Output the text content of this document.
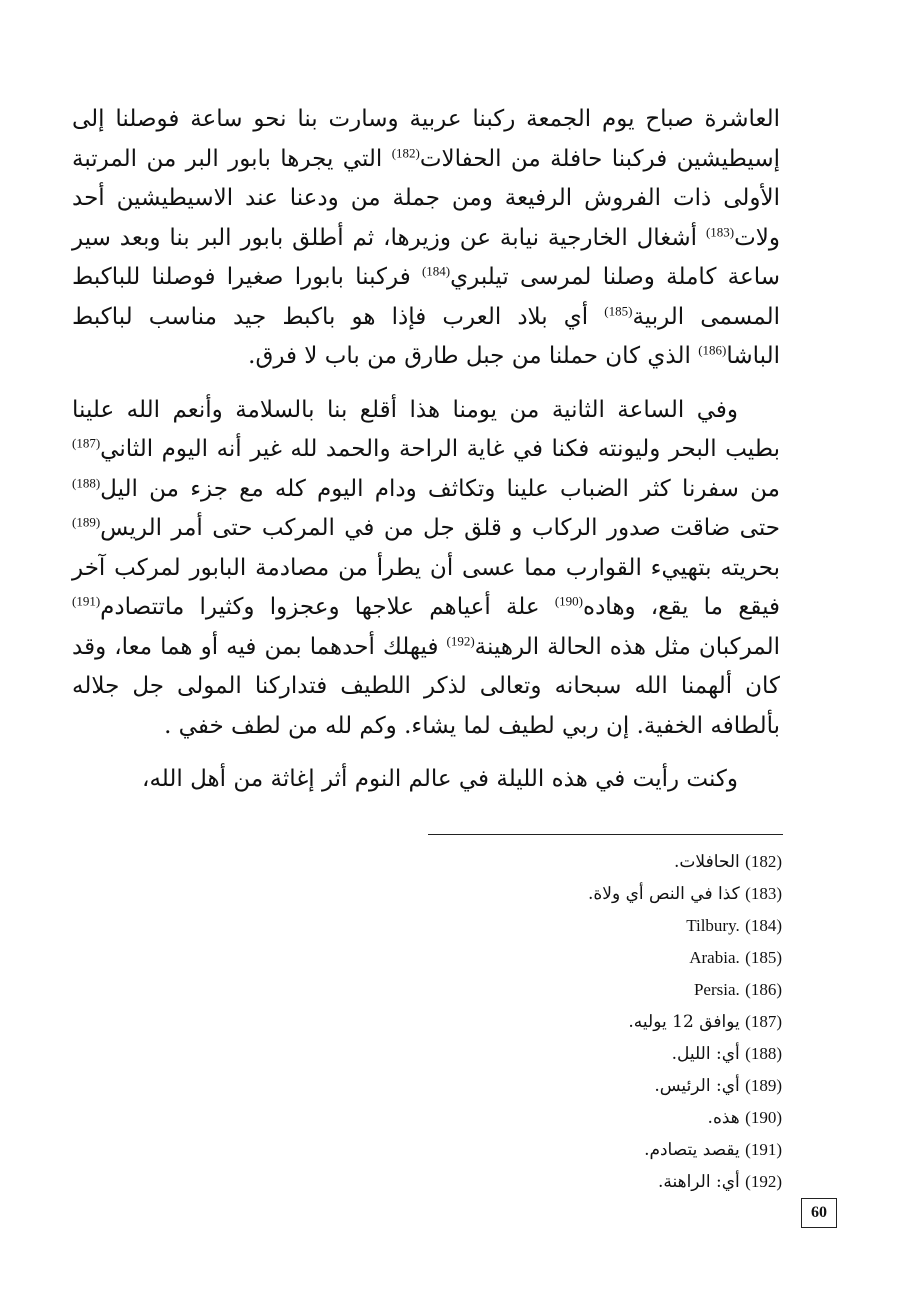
العاشرة صباح يوم الجمعة ركبنا عربية وسارت بنا نحو ساعة فوصلنا إلى إسيطيشين فركبنا حافلة من الحفالات$^{(182)}$ التي يجرها بابور البر من المرتبة الأولى ذات الفروش الرفيعة ومن جملة من ودعنا عند الاسيطيشين أحد ولات$^{(183)}$ أشغال الخارجية نيابة عن وزيرها، ثم أطلق بابور البر بنا وبعد سير ساعة كاملة وصلنا لمرسى تيلبري$^{(184)}$ فركبنا بابورا صغيرا فوصلنا للباكبط المسمى الربية$^{(185)}$ أي بلاد العرب فإذا هو باكبط جيد مناسب لباكبط الباشا$^{(186)}$ الذي كان حملنا من جبل طارق من باب لا فرق.

وفي الساعة الثانية من يومنا هذا أقلع بنا بالسلامة وأنعم الله علينا بطيب البحر وليونته فكنا في غاية الراحة والحمد لله غير أنه اليوم الثاني$^{(187)}$ من سفرنا كثر الضباب علينا وتكاثف ودام اليوم كله مع جزء من اليل$^{(188)}$ حتى ضاقت صدور الركاب و قلق جل من في المركب حتى أمر الريس$^{(189)}$ بحريته بتهييء القوارب مما عسى أن يطرأ من مصادمة البابور لمركب آخر فيقع ما يقع، وهاده$^{(190)}$ علة أعياهم علاجها وعجزوا وكثيرا ماتتصادم$^{(191)}$ المركبان مثل هذه الحالة الرهينة$^{(192)}$ فيهلك أحدهما بمن فيه أو هما معا، وقد كان ألهمنا الله سبحانه وتعالى لذكر اللطيف فتداركنا المولى جل جلاله بألطافه الخفية. إن ربي لطيف لما يشاء. وكم لله من لطف خفي .

وكنت رأيت في هذه الليلة في عالم النوم أثر إغاثة من أهل الله،

(182) الحافلات.
(183) كذا في النص أي ولاة.
(184) Tilbury.
(185) Arabia.
(186) Persia.
(187) يوافق 12 يوليه.
(188) أي: الليل.
(189) أي: الرئيس.
(190) هذه.
(191) يقصد يتصادم.
(192) أي: الراهنة.
60
